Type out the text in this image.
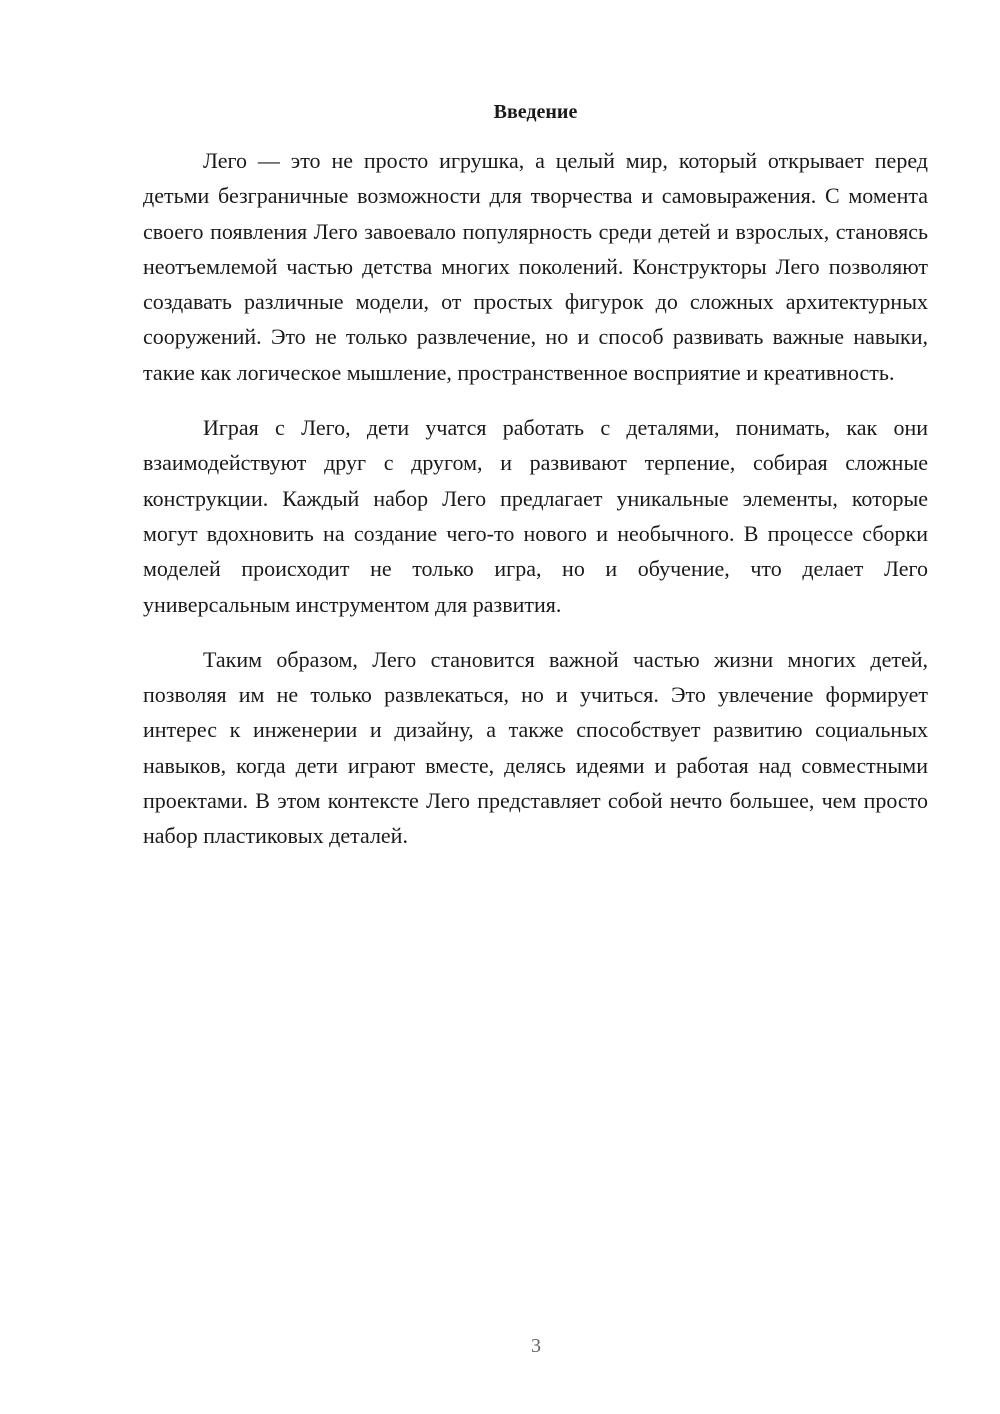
Введение

Лего — это не просто игрушка, а целый мир, который открывает перед детьми безграничные возможности для творчества и самовыражения. С момента своего появления Лего завоевало популярность среди детей и взрослых, становясь неотъемлемой частью детства многих поколений. Конструкторы Лего позволяют создавать различные модели, от простых фигурок до сложных архитектурных сооружений. Это не только развлечение, но и способ развивать важные навыки, такие как логическое мышление, пространственное восприятие и креативность.

Играя с Лего, дети учатся работать с деталями, понимать, как они взаимодействуют друг с другом, и развивают терпение, собирая сложные конструкции. Каждый набор Лего предлагает уникальные элементы, которые могут вдохновить на создание чего-то нового и необычного. В процессе сборки моделей происходит не только игра, но и обучение, что делает Лего универсальным инструментом для развития.

Таким образом, Лего становится важной частью жизни многих детей, позволяя им не только развлекаться, но и учиться. Это увлечение формирует интерес к инженерии и дизайну, а также способствует развитию социальных навыков, когда дети играют вместе, делясь идеями и работая над совместными проектами. В этом контексте Лего представляет собой нечто большее, чем просто набор пластиковых деталей.

3
